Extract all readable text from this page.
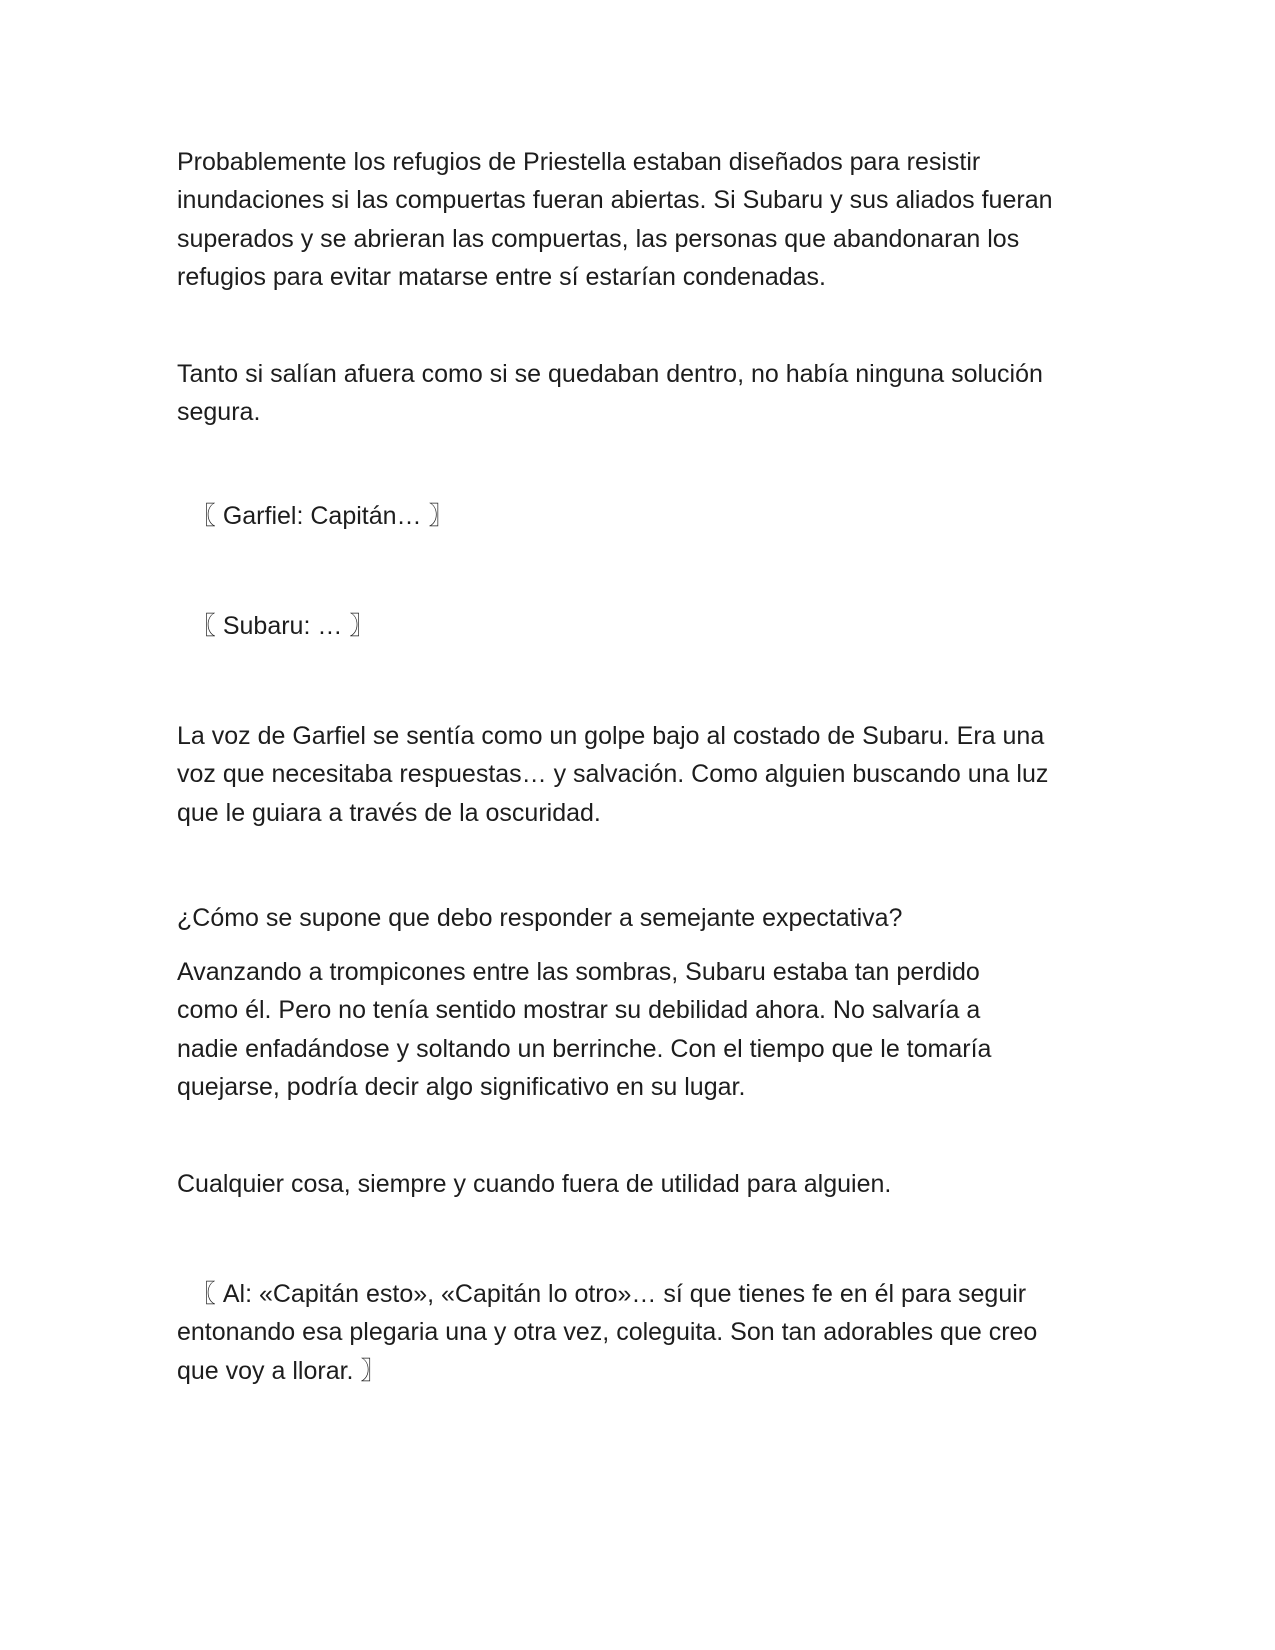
Probablemente los refugios de Priestella estaban diseñados para resistir
inundaciones si las compuertas fueran abiertas. Si Subaru y sus aliados fueran
superados y se abrieran las compuertas, las personas que abandonaran los
refugios para evitar matarse entre sí estarían condenadas.

Tanto si salían afuera como si se quedaban dentro, no había ninguna solución
segura.

〖 Garfiel: Capitán… 〗

〖 Subaru: … 〗

La voz de Garfiel se sentía como un golpe bajo al costado de Subaru. Era una
voz que necesitaba respuestas… y salvación. Como alguien buscando una luz
que le guiara a través de la oscuridad.

¿Cómo se supone que debo responder a semejante expectativa?

Avanzando a trompicones entre las sombras, Subaru estaba tan perdido
como él. Pero no tenía sentido mostrar su debilidad ahora. No salvaría a
nadie enfadándose y soltando un berrinche. Con el tiempo que le tomaría
quejarse, podría decir algo significativo en su lugar.

Cualquier cosa, siempre y cuando fuera de utilidad para alguien.

〖 Al: «Capitán esto», «Capitán lo otro»… sí que tienes fe en él para seguir
entonando esa plegaria una y otra vez, coleguita. Son tan adorables que creo
que voy a llorar. 〗
